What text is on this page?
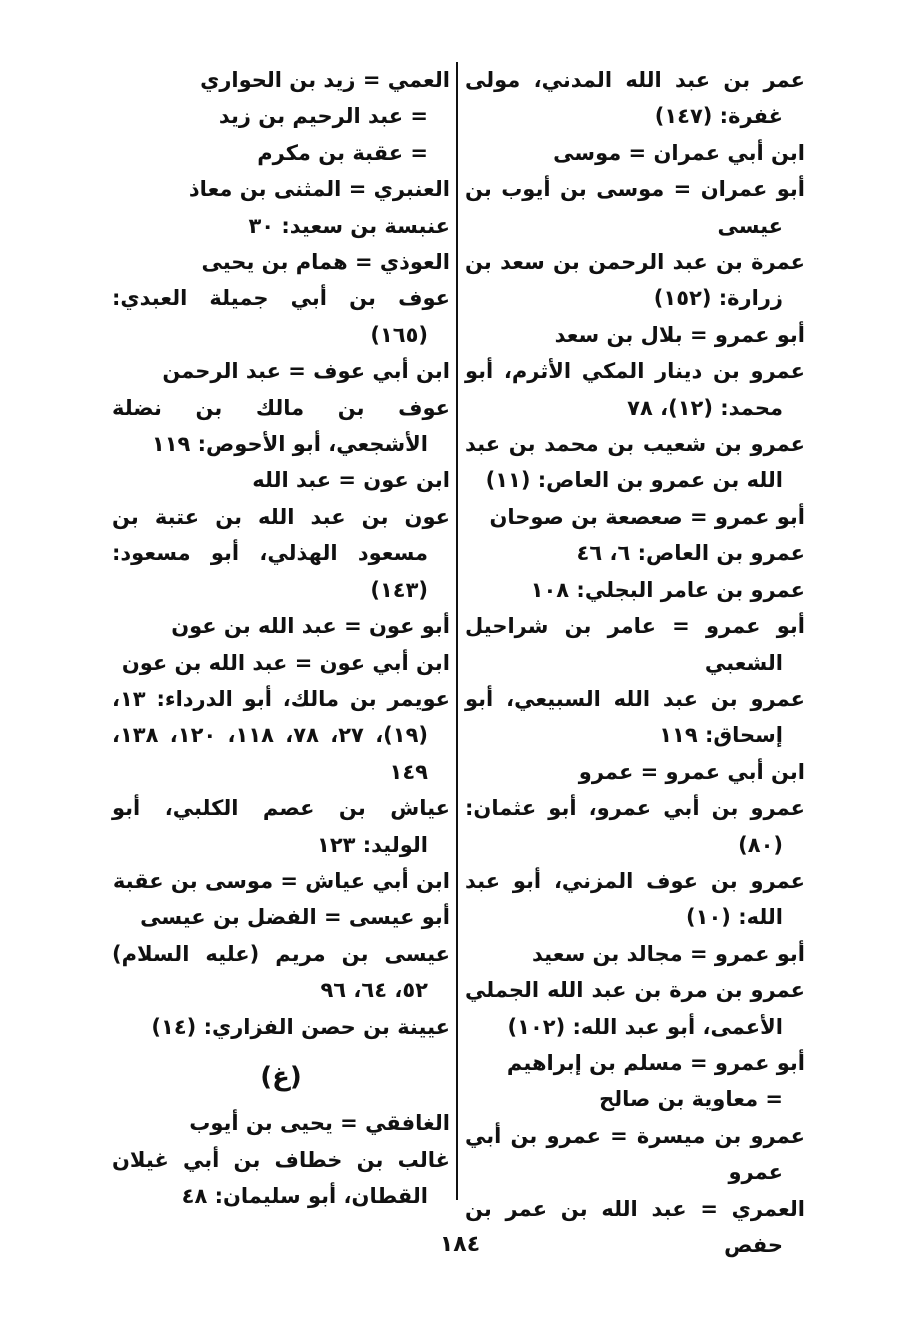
عمر بن عبد الله المدني، مولى غفرة: (١٤٧)

ابن أبي عمران = موسى

أبو عمران = موسى بن أيوب بن عيسى

عمرة بن عبد الرحمن بن سعد بن زرارة: (١٥٢)

أبو عمرو = بلال بن سعد

عمرو بن دينار المكي الأثرم، أبو محمد: (١٢)، ٧٨

عمرو بن شعيب بن محمد بن عبد الله بن عمرو بن العاص: (١١)

أبو عمرو = صعصعة بن صوحان

عمرو بن العاص: ٦، ٤٦

عمرو بن عامر البجلي: ١٠٨

أبو عمرو = عامر بن شراحيل الشعبي

عمرو بن عبد الله السبيعي، أبو إسحاق: ١١٩

ابن أبي عمرو = عمرو

عمرو بن أبي عمرو، أبو عثمان: (٨٠)

عمرو بن عوف المزني، أبو عبد الله: (١٠)

أبو عمرو = مجالد بن سعيد

عمرو بن مرة بن عبد الله الجملي الأعمى، أبو عبد الله: (١٠٢)

أبو عمرو = مسلم بن إبراهيم

= معاوية بن صالح

عمرو بن ميسرة = عمرو بن أبي عمرو

العمري = عبد الله بن عمر بن حفص

العمي = زيد بن الحواري

= عبد الرحيم بن زيد

= عقبة بن مكرم

العنبري = المثنى بن معاذ

عنبسة بن سعيد: ٣٠

العوذي = همام بن يحيى

عوف بن أبي جميلة العبدي: (١٦٥)

ابن أبي عوف = عبد الرحمن

عوف بن مالك بن نضلة الأشجعي، أبو الأحوص: ١١٩

ابن عون = عبد الله

عون بن عبد الله بن عتبة بن مسعود الهذلي، أبو مسعود: (١٤٣)

أبو عون = عبد الله بن عون

ابن أبي عون = عبد الله بن عون

عويمر بن مالك، أبو الدرداء: ١٣، (١٩)، ٢٧، ٧٨، ١١٨، ١٢٠، ١٣٨، ١٤٩

عياش بن عصم الكلبي، أبو الوليد: ١٢٣

ابن أبي عياش = موسى بن عقبة

أبو عيسى = الفضل بن عيسى

عيسى بن مريم (عليه السلام) ٥٢، ٦٤، ٩٦

عيينة بن حصن الفزاري: (١٤)

(غ)

الغافقي = يحيى بن أيوب

غالب بن خطاف بن أبي غيلان القطان، أبو سليمان: ٤٨

١٨٤
